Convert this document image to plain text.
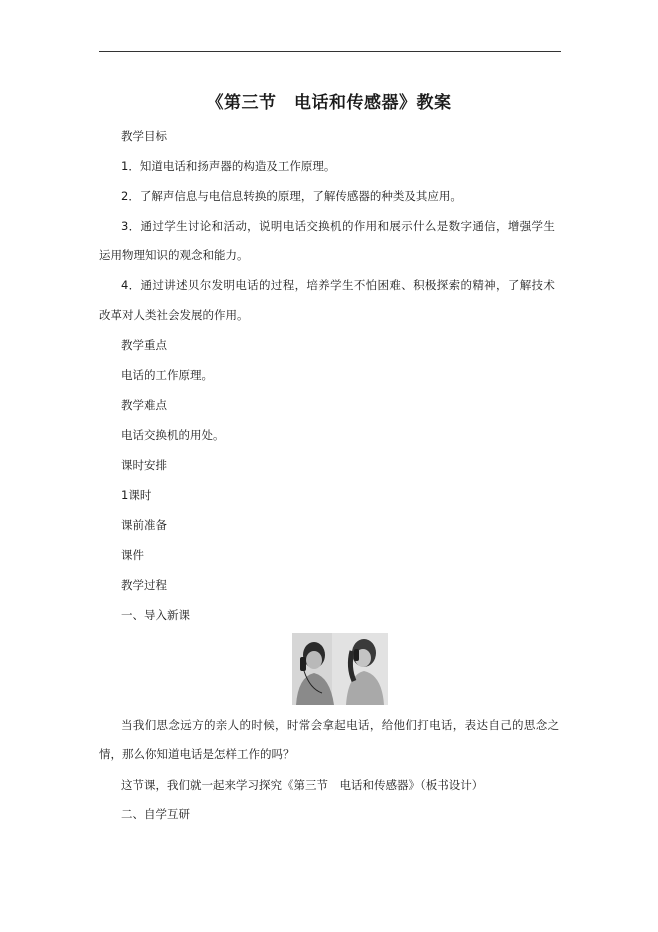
《第三节　电话和传感器》教案
教学目标
1．知道电话和扬声器的构造及工作原理。
2．了解声信息与电信息转换的原理，了解传感器的种类及其应用。
3．通过学生讨论和活动，说明电话交换机的作用和展示什么是数字通信，增强学生
运用物理知识的观念和能力。
4．通过讲述贝尔发明电话的过程，培养学生不怕困难、积极探索的精神，了解技术
改革对人类社会发展的作用。
教学重点
电话的工作原理。
教学难点
电话交换机的用处。
课时安排
1课时
课前准备
课件
教学过程
一、导入新课
当我们思念远方的亲人的时候，时常会拿起电话，给他们打电话，表达自己的思念之
情，那么你知道电话是怎样工作的吗？
这节课，我们就一起来学习探究《第三节　电话和传感器》（板书设计）
二、自学互研
